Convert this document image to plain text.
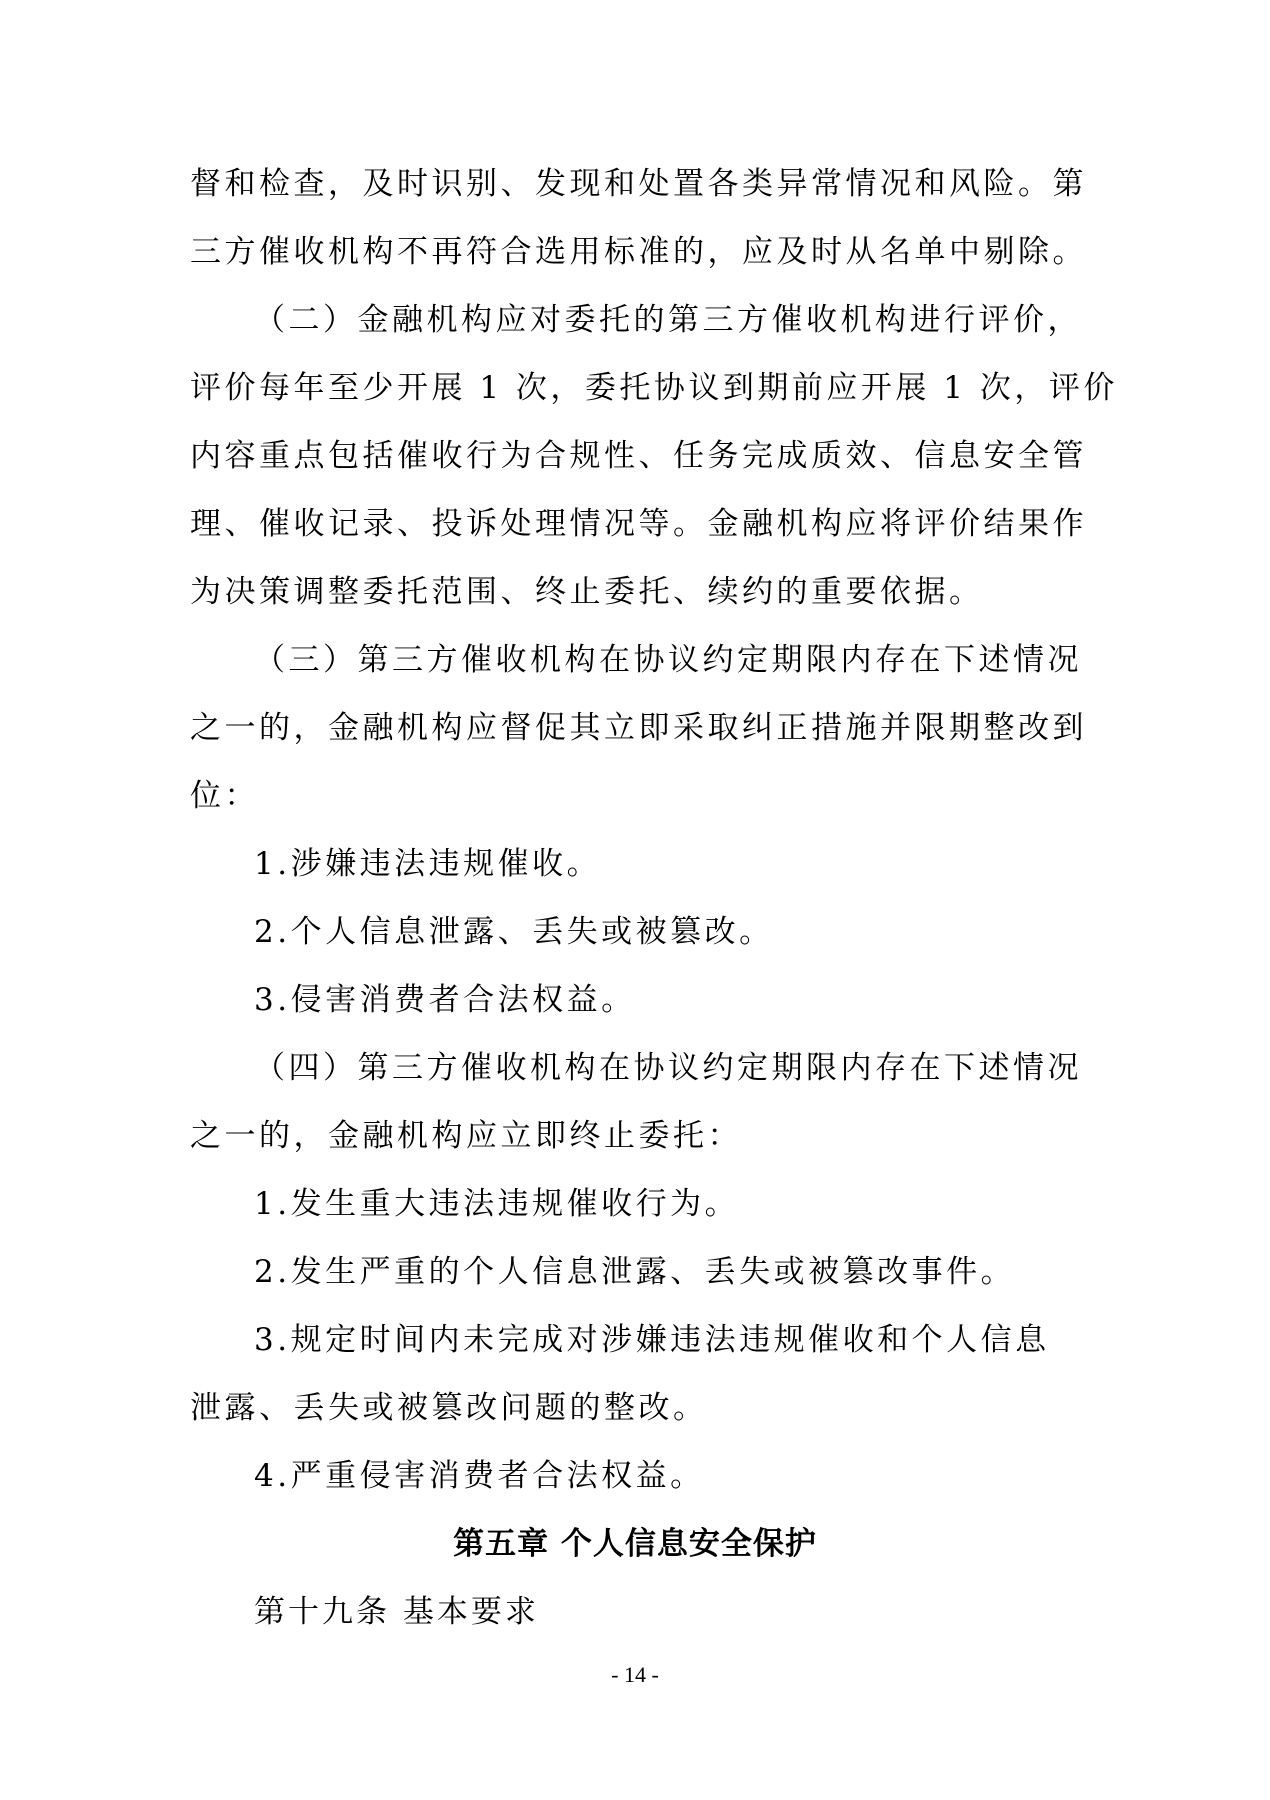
督和检查，及时识别、发现和处置各类异常情况和风险。第
三方催收机构不再符合选用标准的，应及时从名单中剔除。
（二）金融机构应对委托的第三方催收机构进行评价，
评价每年至少开展 1 次，委托协议到期前应开展 1 次，评价
内容重点包括催收行为合规性、任务完成质效、信息安全管
理、催收记录、投诉处理情况等。金融机构应将评价结果作
为决策调整委托范围、终止委托、续约的重要依据。
（三）第三方催收机构在协议约定期限内存在下述情况
之一的，金融机构应督促其立即采取纠正措施并限期整改到
位：
1.涉嫌违法违规催收。
2.个人信息泄露、丢失或被篡改。
3.侵害消费者合法权益。
（四）第三方催收机构在协议约定期限内存在下述情况
之一的，金融机构应立即终止委托：
1.发生重大违法违规催收行为。
2.发生严重的个人信息泄露、丢失或被篡改事件。
3.规定时间内未完成对涉嫌违法违规催收和个人信息
泄露、丢失或被篡改问题的整改。
4.严重侵害消费者合法权益。
第五章 个人信息安全保护
第十九条 基本要求
- 14 -
